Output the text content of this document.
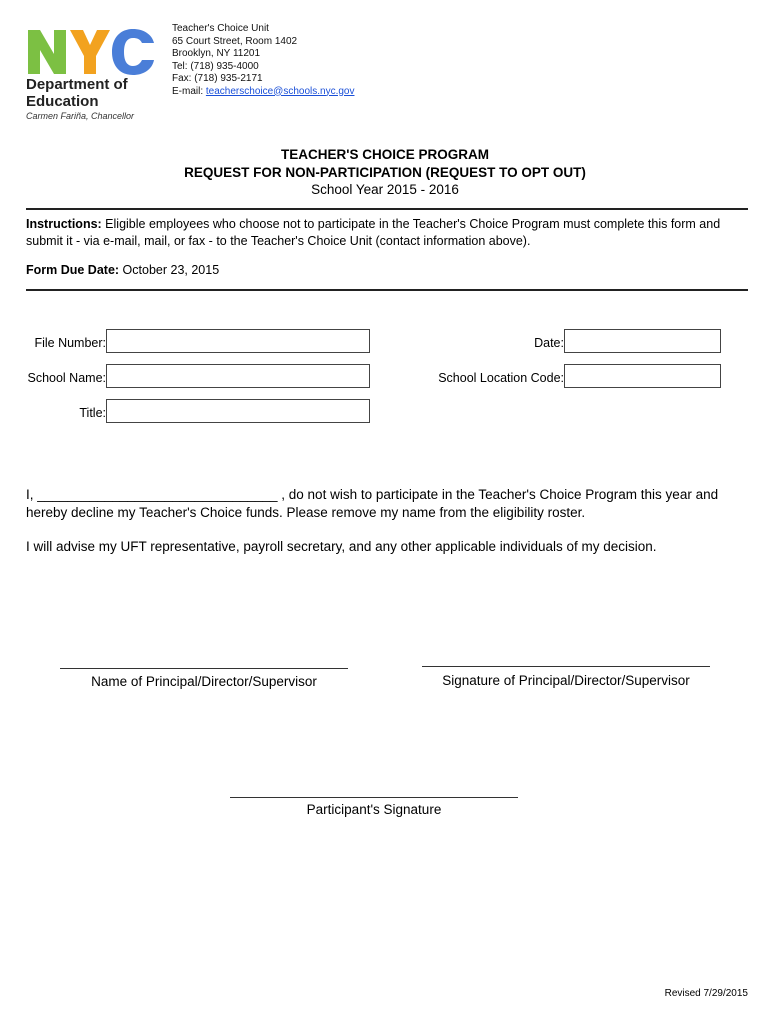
Department of
Education
Carmen Fariña, Chancellor
Teacher's Choice Unit
65 Court Street, Room 1402
Brooklyn, NY 11201
Tel: (718) 935-4000
Fax: (718) 935-2171
E-mail: teacherschoice@schools.nyc.gov
TEACHER'S CHOICE PROGRAM
REQUEST FOR NON-PARTICIPATION (REQUEST TO OPT OUT)
School Year 2015 - 2016
Instructions: Eligible employees who choose not to participate in the Teacher's Choice Program must complete this form and submit it - via e-mail, mail, or fax - to the Teacher's Choice Unit (contact information above).
Form Due Date: October 23, 2015
File Number:	Date:
School Name:	School Location Code:
Title:
I, ________________________________ , do not wish to participate in the Teacher's Choice Program this year and hereby decline my Teacher's Choice funds. Please remove my name from the eligibility roster.
I will advise my UFT representative, payroll secretary, and any other applicable individuals of my decision.
Name of Principal/Director/Supervisor	Signature of Principal/Director/Supervisor
Participant's Signature
Revised 7/29/2015
